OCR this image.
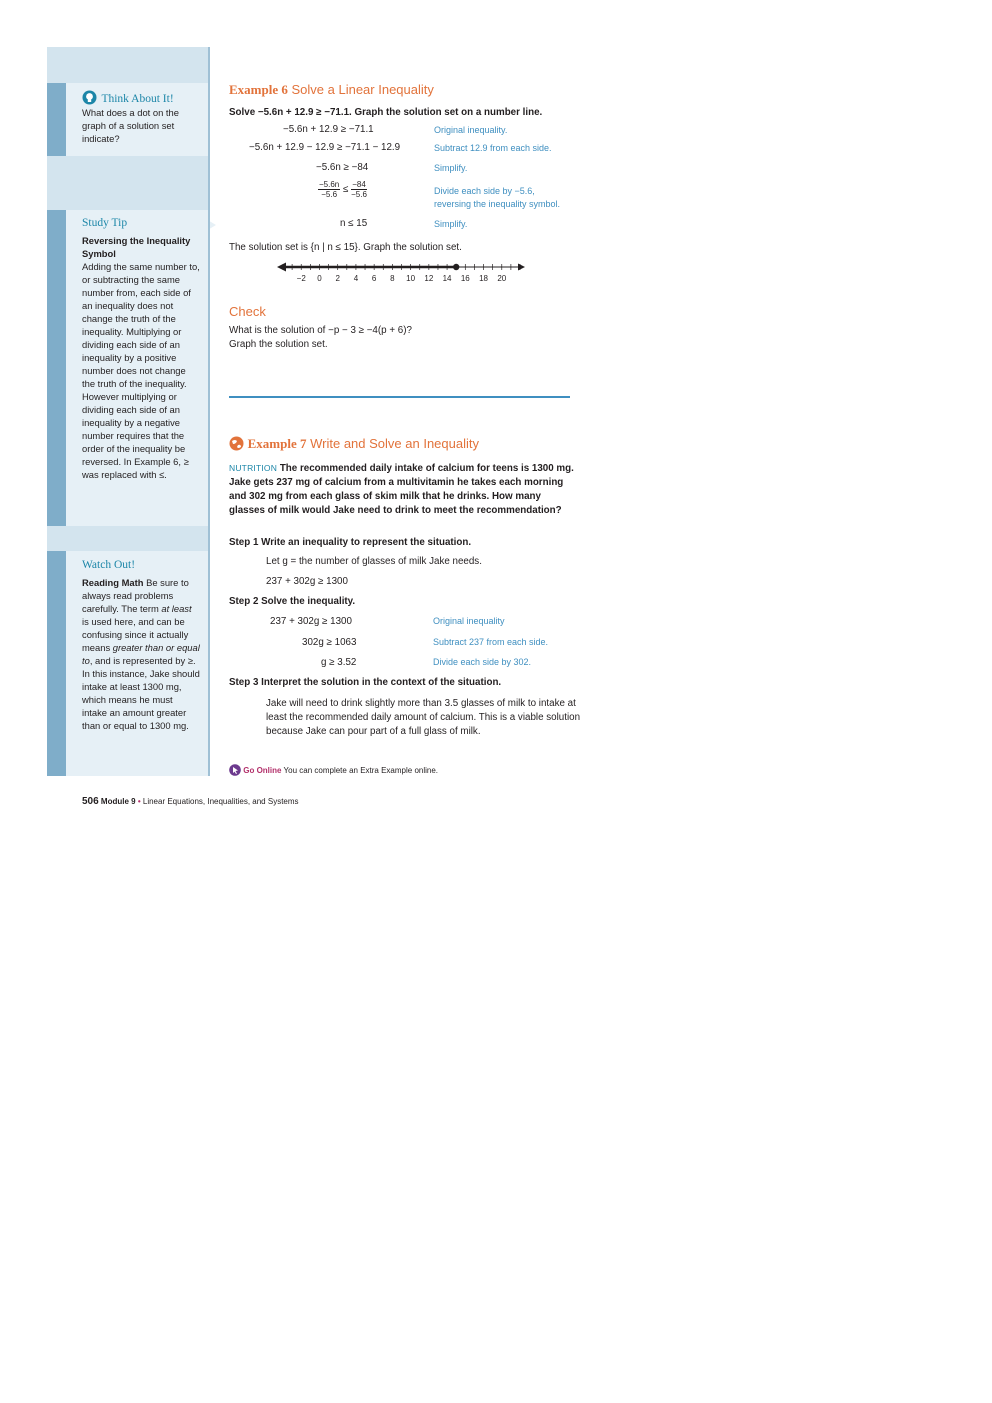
Think About It!
What does a dot on the graph of a solution set indicate?
Study Tip
Reversing the Inequality Symbol
Adding the same number to, or subtracting the same number from, each side of an inequality does not change the truth of the inequality. Multiplying or dividing each side of an inequality by a positive number does not change the truth of the inequality. However multiplying or dividing each side of an inequality by a negative number requires that the order of the inequality be reversed. In Example 6, ≥ was replaced with ≤.
Watch Out!
Reading Math Be sure to always read problems carefully. The term at least is used here, and can be confusing since it actually means greater than or equal to, and is represented by ≥. In this instance, Jake should intake at least 1300 mg, which means he must intake an amount greater than or equal to 1300 mg.
Example 6 Solve a Linear Inequality
Solve −5.6n + 12.9 ≥ −71.1. Graph the solution set on a number line.
−5.6n + 12.9 ≥ −71.1	Original inequality.
−5.6n + 12.9 − 12.9 ≥ −71.1 − 12.9	Subtract 12.9 from each side.
−5.6n ≥ −84	Simplify.
$\frac{-5.6n}{-5.6} \le \frac{-84}{-5.6}$	Divide each side by −5.6,
reversing the inequality symbol.
n ≤ 15	Simplify.
The solution set is {n | n ≤ 15}. Graph the solution set.
−2 0 2 4 6 8 10 12 14 16 18 20
Check
What is the solution of −p − 3 ≥ −4(p + 6)?
Graph the solution set.
Example 7 Write and Solve an Inequality
NUTRITION The recommended daily intake of calcium for teens is 1300 mg. Jake gets 237 mg of calcium from a multivitamin he takes each morning and 302 mg from each glass of skim milk that he drinks. How many glasses of milk would Jake need to drink to meet the recommendation?
Step 1 Write an inequality to represent the situation.
Let g = the number of glasses of milk Jake needs.
237 + 302g ≥ 1300
Step 2 Solve the inequality.
237 + 302g ≥ 1300	Original inequality
302g ≥ 1063	Subtract 237 from each side.
g ≥ 3.52	Divide each side by 302.
Step 3 Interpret the solution in the context of the situation.
Jake will need to drink slightly more than 3.5 glasses of milk to intake at least the recommended daily amount of calcium. This is a viable solution because Jake can pour part of a full glass of milk.
Go Online You can complete an Extra Example online.
506 Module 9 • Linear Equations, Inequalities, and Systems
